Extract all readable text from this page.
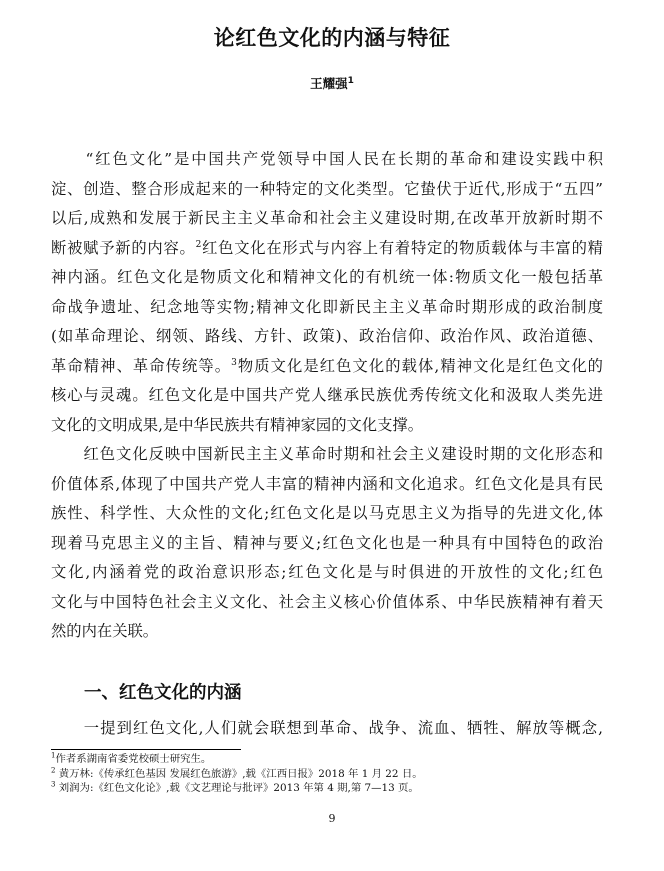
论红色文化的内涵与特征
王耀强$^1$
　　“红色文化”是中国共产党领导中国人民在长期的革命和建设实践中积
淀、创造、整合形成起来的一种特定的文化类型。它蛰伏于近代,形成于“五四”
以后,成熟和发展于新民主主义革命和社会主义建设时期,在改革开放新时期不
断被赋予新的内容。$^2$红色文化在形式与内容上有着特定的物质载体与丰富的精
神内涵。红色文化是物质文化和精神文化的有机统一体:物质文化一般包括革
命战争遗址、纪念地等实物;精神文化即新民主主义革命时期形成的政治制度
(如革命理论、纲领、路线、方针、政策)、政治信仰、政治作风、政治道德、
革命精神、革命传统等。$^3$物质文化是红色文化的载体,精神文化是红色文化的
核心与灵魂。红色文化是中国共产党人继承民族优秀传统文化和汲取人类先进
文化的文明成果,是中华民族共有精神家园的文化支撑。
　　红色文化反映中国新民主主义革命时期和社会主义建设时期的文化形态和
价值体系,体现了中国共产党人丰富的精神内涵和文化追求。红色文化是具有民
族性、科学性、大众性的文化;红色文化是以马克思主义为指导的先进文化,体
现着马克思主义的主旨、精神与要义;红色文化也是一种具有中国特色的政治
文化,内涵着党的政治意识形态;红色文化是与时俱进的开放性的文化;红色
文化与中国特色社会主义文化、社会主义核心价值体系、中华民族精神有着天
然的内在关联。
一、红色文化的内涵
　　一提到红色文化,人们就会联想到革命、战争、流血、牺牲、解放等概念,
$^1$作者系湖南省委党校硕士研究生。
$^2$ 黄万林:《传承红色基因 发展红色旅游》,载《江西日报》2018 年 1 月 22 日。
$^3$ 刘润为:《红色文化论》,载《文艺理论与批评》2013 年第 4 期,第 7—13 页。
9
